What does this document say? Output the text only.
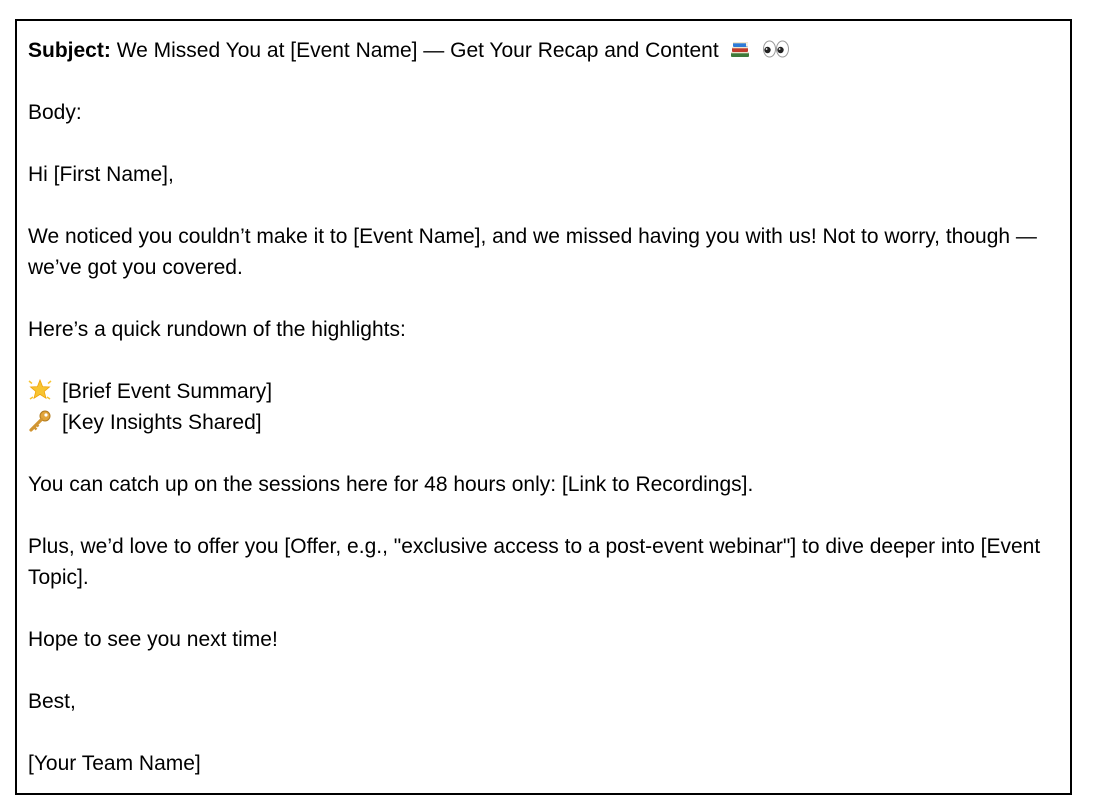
Subject: We Missed You at [Event Name] — Get Your Recap and Content

Body:

Hi [First Name],

We noticed you couldn’t make it to [Event Name], and we missed having you with us! Not to worry, though — we’ve got you covered.

Here’s a quick rundown of the highlights:

[Brief Event Summary]
[Key Insights Shared]

You can catch up on the sessions here for 48 hours only: [Link to Recordings].

Plus, we’d love to offer you [Offer, e.g., "exclusive access to a post-event webinar"] to dive deeper into [Event Topic].

Hope to see you next time!

Best,

[Your Team Name]
